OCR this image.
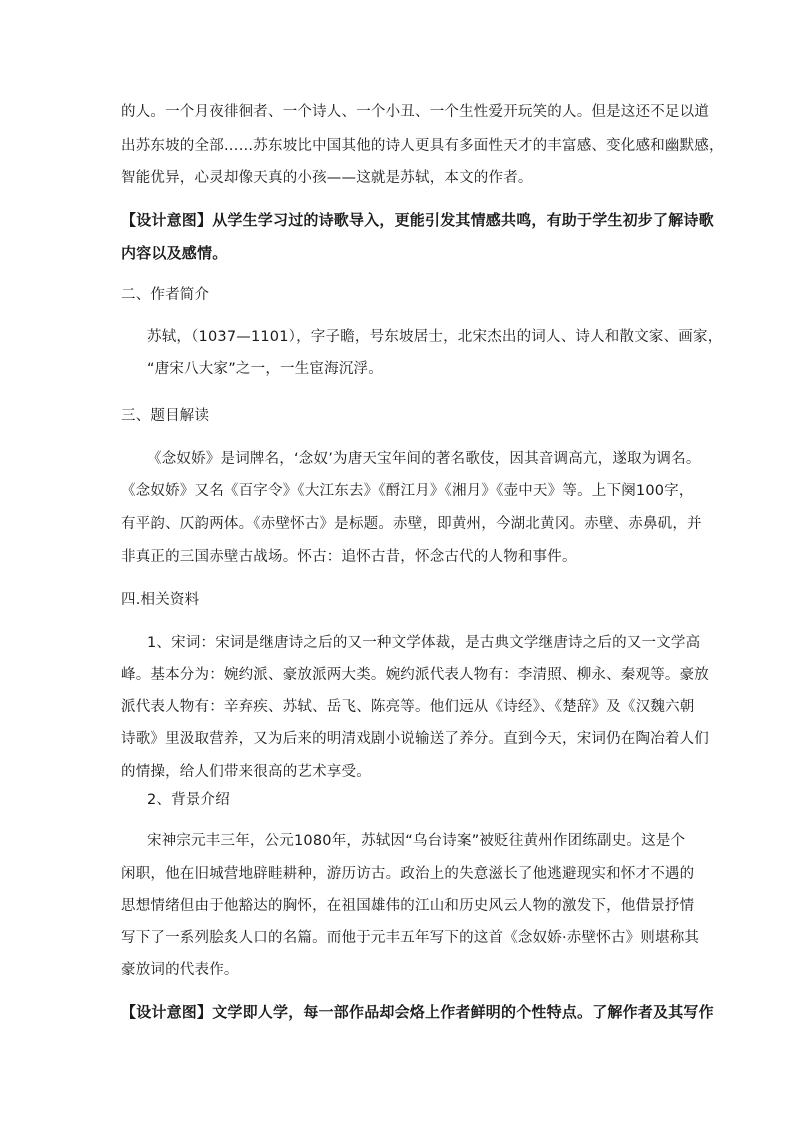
的人。一个月夜徘徊者、一个诗人、一个小丑、一个生性爱开玩笑的人。但是这还不足以道
出苏东坡的全部……苏东坡比中国其他的诗人更具有多面性天才的丰富感、变化感和幽默感，
智能优异，心灵却像天真的小孩——这就是苏轼，本文的作者。
【设计意图】从学生学习过的诗歌导入，更能引发其情感共鸣，有助于学生初步了解诗歌
内容以及感情。
二、作者简介
苏轼，（1037—1101），字子瞻，号东坡居士，北宋杰出的词人、诗人和散文家、画家，
“唐宋八大家”之一，一生宦海沉浮。
三、题目解读
《念奴娇》是词牌名，‘念奴’为唐天宝年间的著名歌伎，因其音调高亢，遂取为调名。
《念奴娇》又名《百字令》《大江东去》《酹江月》《湘月》《壶中天》等。上下阕100字，
有平韵、仄韵两体。《赤壁怀古》是标题。赤壁，即黄州，今湖北黄冈。赤壁、赤鼻矶，并
非真正的三国赤壁古战场。怀古：追怀古昔，怀念古代的人物和事件。
四.相关资料
1、宋词：宋词是继唐诗之后的又一种文学体裁，是古典文学继唐诗之后的又一文学高
峰。基本分为：婉约派、豪放派两大类。婉约派代表人物有：李清照、柳永、秦观等。豪放
派代表人物有：辛弃疾、苏轼、岳飞、陈亮等。他们远从《诗经》、《楚辞》及《汉魏六朝
诗歌》里汲取营养，又为后来的明清戏剧小说输送了养分。直到今天，宋词仍在陶冶着人们
的情操，给人们带来很高的艺术享受。
2、背景介绍
宋神宗元丰三年，公元1080年，苏轼因“乌台诗案”被贬往黄州作团练副史。这是个
闲职，他在旧城营地辟畦耕种，游历访古。政治上的失意滋长了他逃避现实和怀才不遇的
思想情绪但由于他豁达的胸怀，在祖国雄伟的江山和历史风云人物的激发下，他借景抒情
写下了一系列脍炙人口的名篇。而他于元丰五年写下的这首《念奴娇·赤壁怀古》则堪称其
豪放词的代表作。
【设计意图】文学即人学，每一部作品却会烙上作者鲜明的个性特点。了解作者及其写作
